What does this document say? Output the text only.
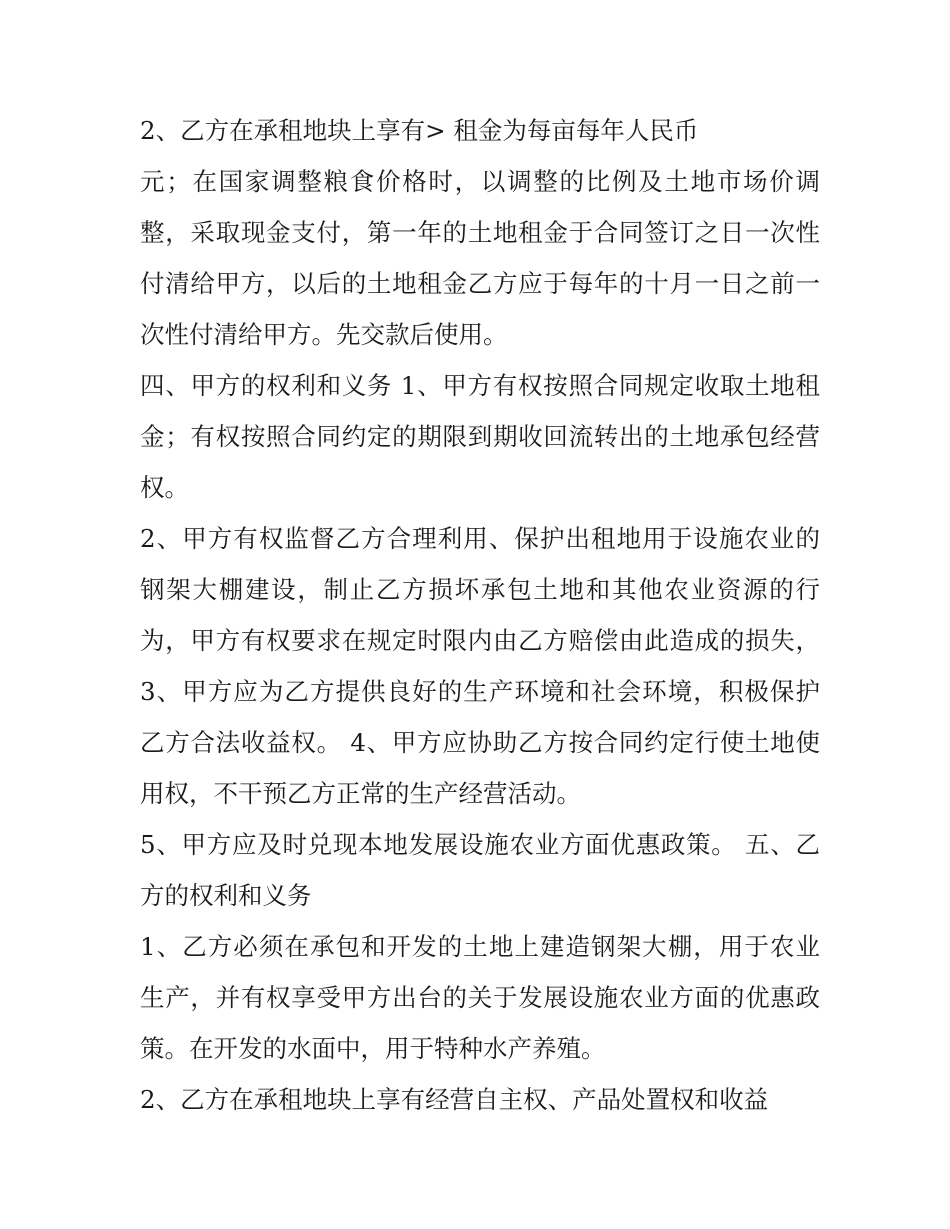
2、乙方在承租地块上享有> 租金为每亩每年人民币
元；在国家调整粮食价格时，以调整的比例及土地市场价调
整，采取现金支付，第一年的土地租金于合同签订之日一次性
付清给甲方，以后的土地租金乙方应于每年的十月一日之前一
次性付清给甲方。先交款后使用。
四、甲方的权利和义务 1、甲方有权按照合同规定收取土地租
金；有权按照合同约定的期限到期收回流转出的土地承包经营
权。
2、甲方有权监督乙方合理利用、保护出租地用于设施农业的
钢架大棚建设，制止乙方损坏承包土地和其他农业资源的行
为，甲方有权要求在规定时限内由乙方赔偿由此造成的损失，
3、甲方应为乙方提供良好的生产环境和社会环境，积极保护
乙方合法收益权。 4、甲方应协助乙方按合同约定行使土地使
用权，不干预乙方正常的生产经营活动。
5、甲方应及时兑现本地发展设施农业方面优惠政策。 五、乙
方的权利和义务
1、乙方必须在承包和开发的土地上建造钢架大棚，用于农业
生产，并有权享受甲方出台的关于发展设施农业方面的优惠政
策。在开发的水面中，用于特种水产养殖。
2、乙方在承租地块上享有经营自主权、产品处置权和收益
